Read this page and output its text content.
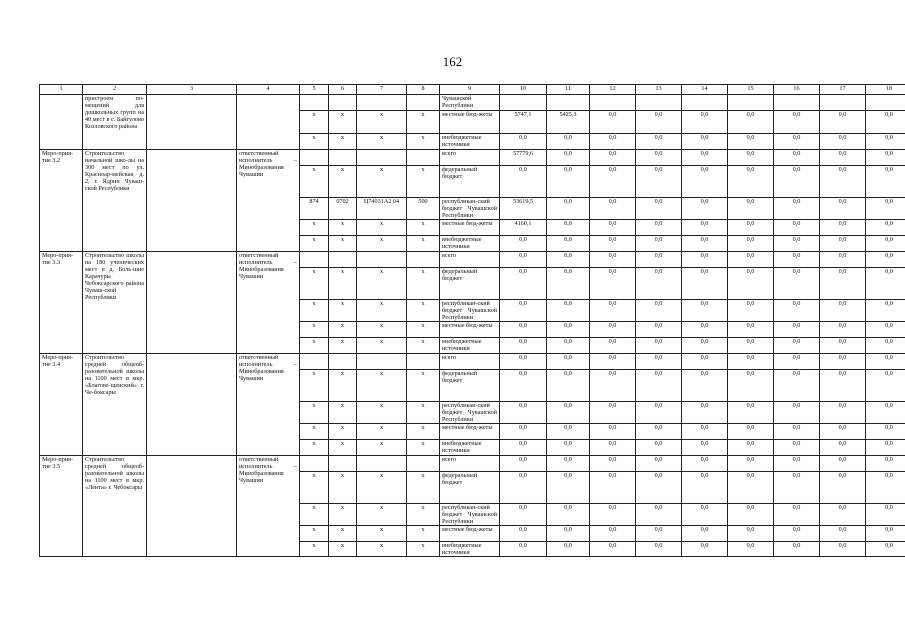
162
1	2	3	4	5	6	7	8	9	10	11	12	13	14	15	16	17	18
	пристроем по-мещений для дошкольных групп на 40 мест в с. Байгулово Козловского района							Чувашской Республики									
				x	x	x	x	местные бюд-жеты	5747,1	5425,3	0,0	0,0	0,0	0,0	0,0	0,0	0,0
				x	x	x	x	внебюджетные источники	0,0	0,0	0,0	0,0	0,0	0,0	0,0	0,0	0,0
Меро-прия-тие 3.2	Строительство начальной шко-лы на 300 мест по ул. Красноар-мейская, д. 2, г. Ядрин Чуваш-ской Республики		ответственный исполнитель – Минобразования Чувашии					всего	57779,6	0,0	0,0	0,0	0,0	0,0	0,0	0,0	0,0
				x	x	x	x	федеральный бюджет	0,0	0,0	0,0	0,0	0,0	0,0	0,0	0,0	0,0
				874	0702	Ц74031А2 04	500	республикан-ский бюджет Чувашской Республики	53619,5	0,0	0,0	0,0	0,0	0,0	0,0	0,0	0,0
				x	x	x	x	местные бюд-жеты	4160,1	0,0	0,0	0,0	0,0	0,0	0,0	0,0	0,0
				x	x	x	x	внебюджетные источники	0,0	0,0	0,0	0,0	0,0	0,0	0,0	0,0	0,0
Меро-прия-тие 3.3	Строительство школы на 180 ученических мест в д. Боль-шие Карачуры Чебоксарского района Чуваш-ской Республики		ответственный исполнитель – Минобразования Чувашии					всего	0,0	0,0	0,0	0,0	0,0	0,0	0,0	0,0	0,0
				x	x	x	x	федеральный бюджет	0,0	0,0	0,0	0,0	0,0	0,0	0,0	0,0	0,0
				x	x	x	x	республикан-ский бюджет Чувашской Республики	0,0	0,0	0,0	0,0	0,0	0,0	0,0	0,0	0,0
				x	x	x	x	местные бюд-жеты	0,0	0,0	0,0	0,0	0,0	0,0	0,0	0,0	0,0
				x	x	x	x	внебюджетные источники	0,0	0,0	0,0	0,0	0,0	0,0	0,0	0,0	0,0
Меро-прия-тие 3.4	Строительство средней общеоб-разовательной школы на 1100 мест в мкр. «Благове-щенский» г. Че-боксары		ответственный исполнитель – Минобразования Чувашии					всего	0,0	0,0	0,0	0,0	0,0	0,0	0,0	0,0	0,0
				x	x	x	x	федеральный бюджет	0,0	0,0	0,0	0,0	0,0	0,0	0,0	0,0	0,0
				x	x	x	x	республикан-ский бюджет Чувашской Республики	0,0	0,0	0,0	0,0	0,0	0,0	0,0	0,0	0,0
				x	x	x	x	местные бюд-жеты	0,0	0,0	0,0	0,0	0,0	0,0	0,0	0,0	0,0
				x	x	x	x	внебюджетные источники	0,0	0,0	0,0	0,0	0,0	0,0	0,0	0,0	0,0
Меро-прия-тие 3.5	Строительство средней общеоб-разовательной школы на 1100 мест в мкр. «Лента» г. Чебоксары		ответственный исполнитель – Минобразования Чувашии					всего	0,0	0,0	0,0	0,0	0,0	0,0	0,0	0,0	0,0
				x	x	x	x	федеральный бюджет	0,0	0,0	0,0	0,0	0,0	0,0	0,0	0,0	0,0
				x	x	x	x	республикан-ский бюджет Чувашской Республики	0,0	0,0	0,0	0,0	0,0	0,0	0,0	0,0	0,0
				x	x	x	x	местные бюд-жеты	0,0	0,0	0,0	0,0	0,0	0,0	0,0	0,0	0,0
				x	x	x	x	внебюджетные источники	0,0	0,0	0,0	0,0	0,0	0,0	0,0	0,0	0,0
